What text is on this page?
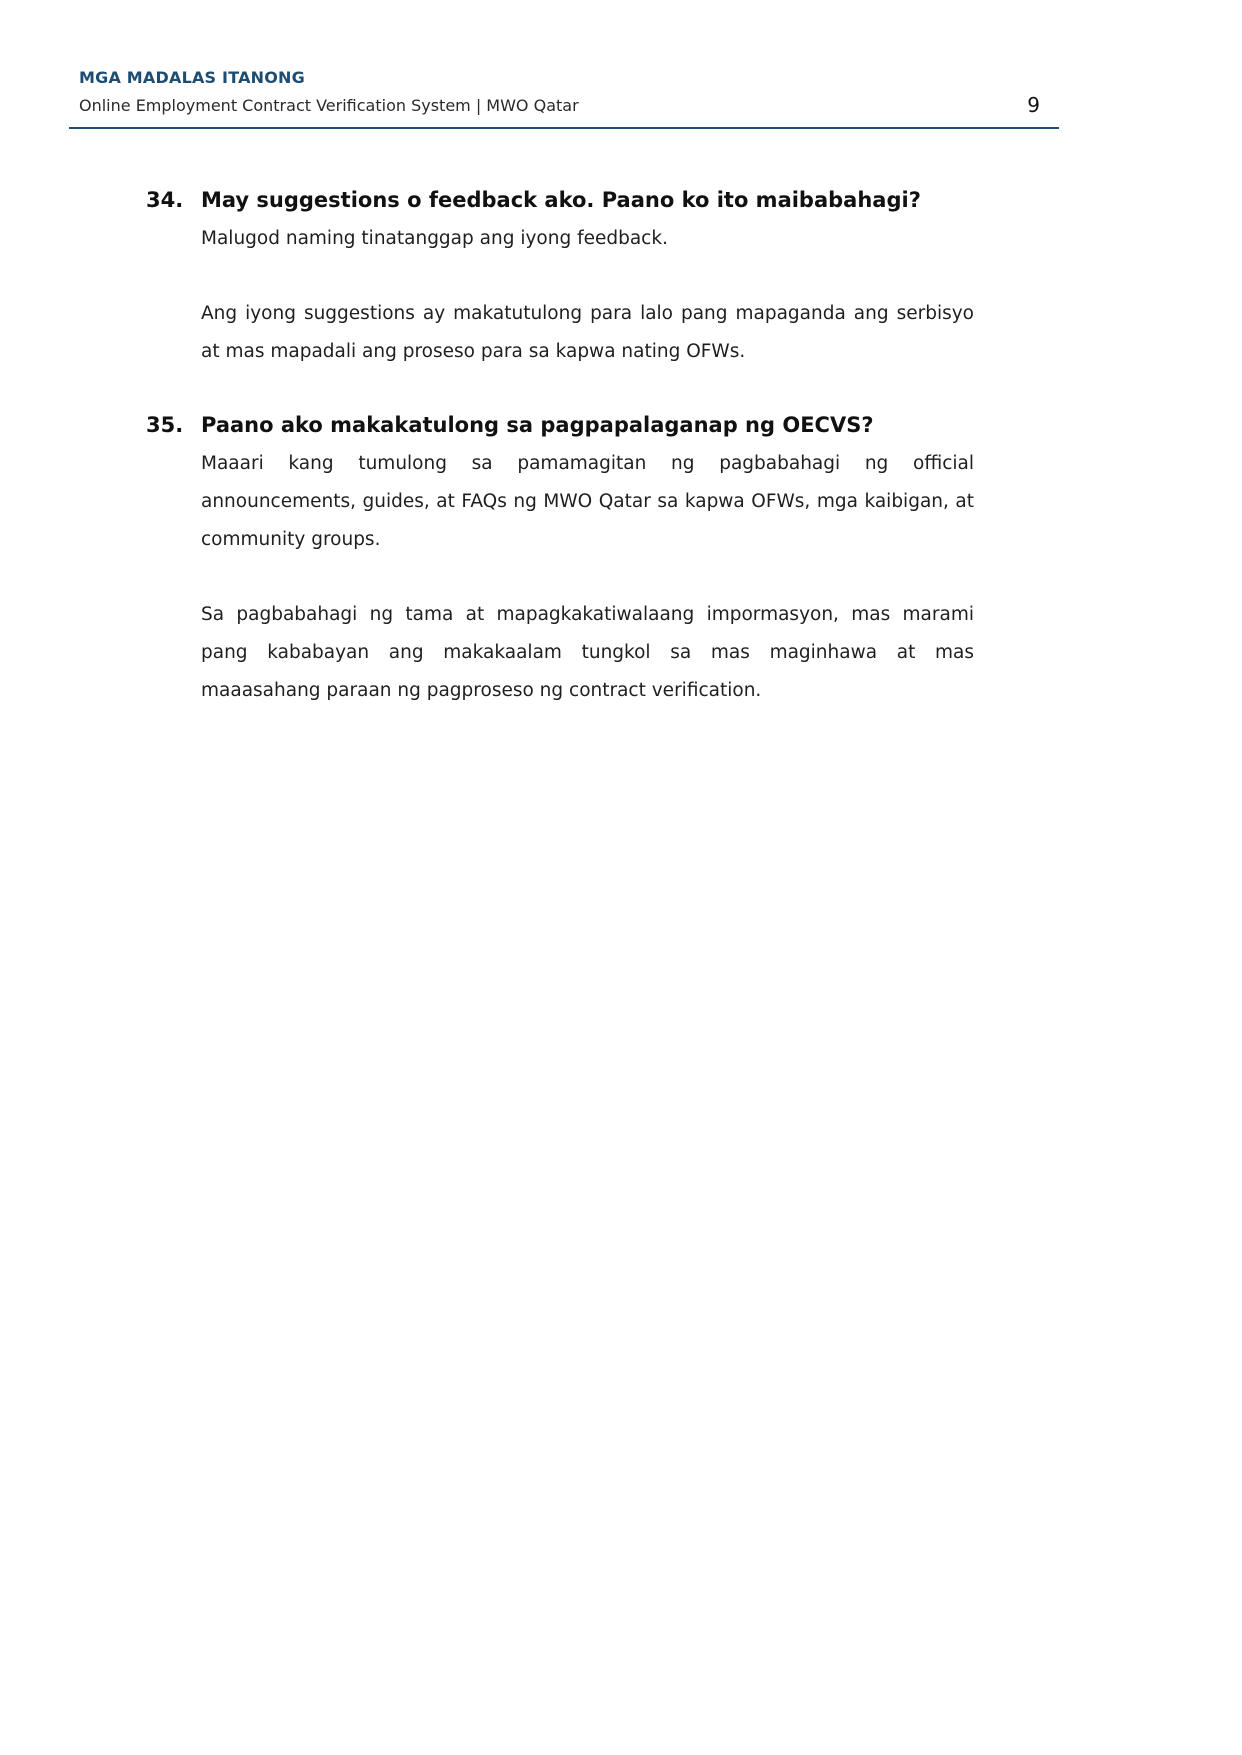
MGA MADALAS ITANONG
Online Employment Contract Verification System | MWO Qatar	9
34. May suggestions o feedback ako. Paano ko ito maibabahagi?

Malugod naming tinatanggap ang iyong feedback.

Ang iyong suggestions ay makatutulong para lalo pang mapaganda ang serbisyo at mas mapadali ang proseso para sa kapwa nating OFWs.

35. Paano ako makakatulong sa pagpapalaganap ng OECVS?

Maaari kang tumulong sa pamamagitan ng pagbabahagi ng official announcements, guides, at FAQs ng MWO Qatar sa kapwa OFWs, mga kaibigan, at community groups.

Sa pagbabahagi ng tama at mapagkakatiwalaang impormasyon, mas marami pang kababayan ang makakaalam tungkol sa mas maginhawa at mas maaasahang paraan ng pagproseso ng contract verification.
